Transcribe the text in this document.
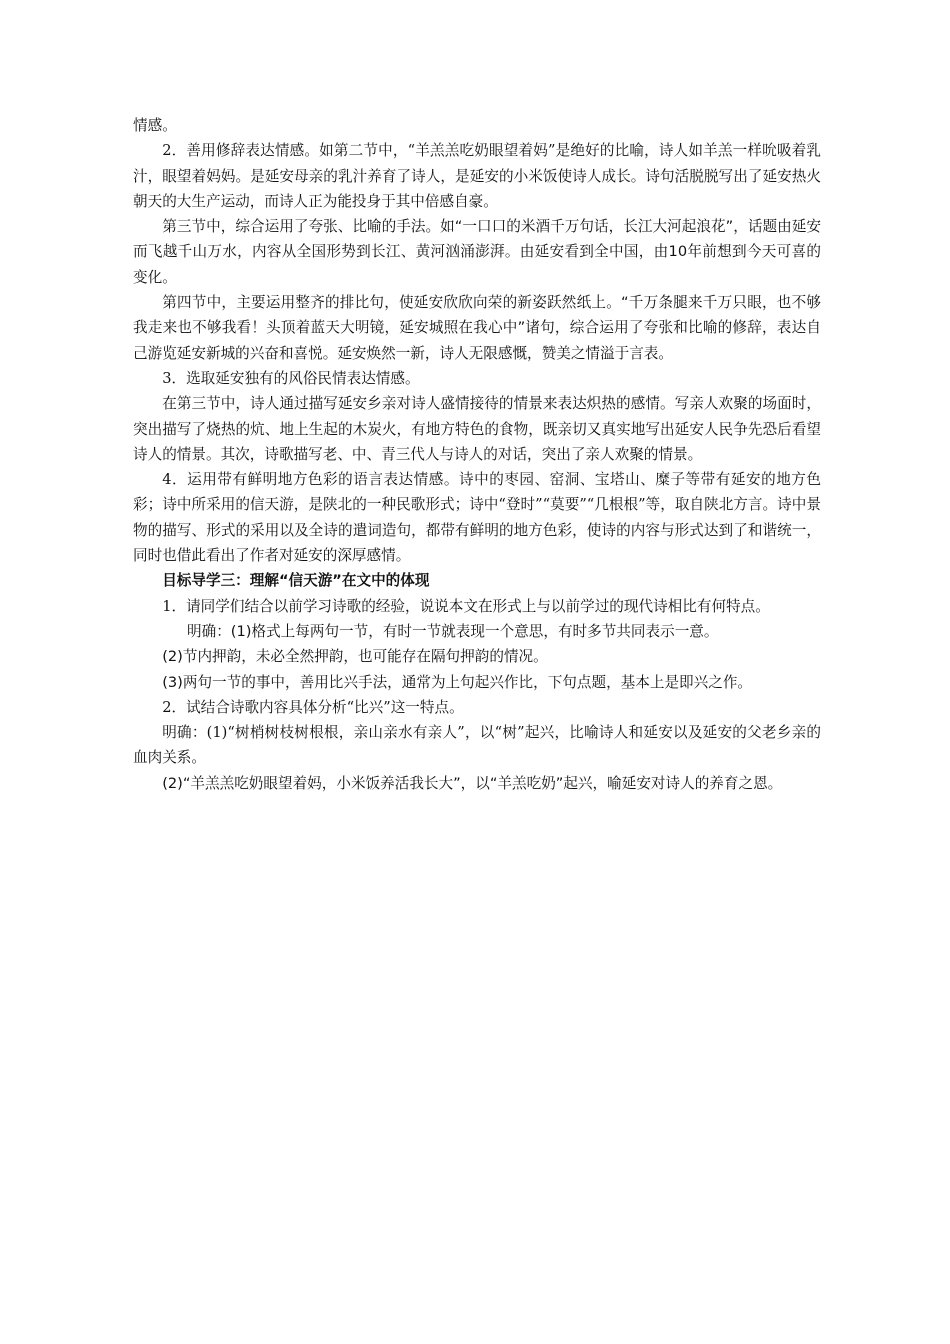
情感。

2．善用修辞表达情感。如第二节中，“羊羔羔吃奶眼望着妈”是绝好的比喻，诗人如羊羔一样吮吸着乳汁，眼望着妈妈。是延安母亲的乳汁养育了诗人，是延安的小米饭使诗人成长。诗句活脱脱写出了延安热火朝天的大生产运动，而诗人正为能投身于其中倍感自豪。

第三节中，综合运用了夸张、比喻的手法。如“一口口的米酒千万句话，长江大河起浪花”，话题由延安而飞越千山万水，内容从全国形势到长江、黄河汹涌澎湃。由延安看到全中国，由10年前想到今天可喜的变化。

第四节中，主要运用整齐的排比句，使延安欣欣向荣的新姿跃然纸上。“千万条腿来千万只眼，也不够我走来也不够我看！头顶着蓝天大明镜，延安城照在我心中”诸句，综合运用了夸张和比喻的修辞，表达自己游览延安新城的兴奋和喜悦。延安焕然一新，诗人无限感慨，赞美之情溢于言表。

3．选取延安独有的风俗民情表达情感。

在第三节中，诗人通过描写延安乡亲对诗人盛情接待的情景来表达炽热的感情。写亲人欢聚的场面时，突出描写了烧热的炕、地上生起的木炭火，有地方特色的食物，既亲切又真实地写出延安人民争先恐后看望诗人的情景。其次，诗歌描写老、中、青三代人与诗人的对话，突出了亲人欢聚的情景。

4．运用带有鲜明地方色彩的语言表达情感。诗中的枣园、窑洞、宝塔山、糜子等带有延安的地方色彩；诗中所采用的信天游，是陕北的一种民歌形式；诗中“登时”“莫要”“几根根”等，取自陕北方言。诗中景物的描写、形式的采用以及全诗的遣词造句，都带有鲜明的地方色彩，使诗的内容与形式达到了和谐统一，同时也借此看出了作者对延安的深厚感情。

目标导学三：理解“信天游”在文中的体现

1．请同学们结合以前学习诗歌的经验，说说本文在形式上与以前学过的现代诗相比有何特点。

明确：(1)格式上每两句一节，有时一节就表现一个意思，有时多节共同表示一意。

(2)节内押韵，未必全然押韵，也可能存在隔句押韵的情况。

(3)两句一节的事中，善用比兴手法，通常为上句起兴作比，下句点题，基本上是即兴之作。

2．试结合诗歌内容具体分析“比兴”这一特点。

明确：(1)“树梢树枝树根根，亲山亲水有亲人”，以“树”起兴，比喻诗人和延安以及延安的父老乡亲的血肉关系。

(2)“羊羔羔吃奶眼望着妈，小米饭养活我长大”，以“羊羔吃奶”起兴，喻延安对诗人的养育之恩。
